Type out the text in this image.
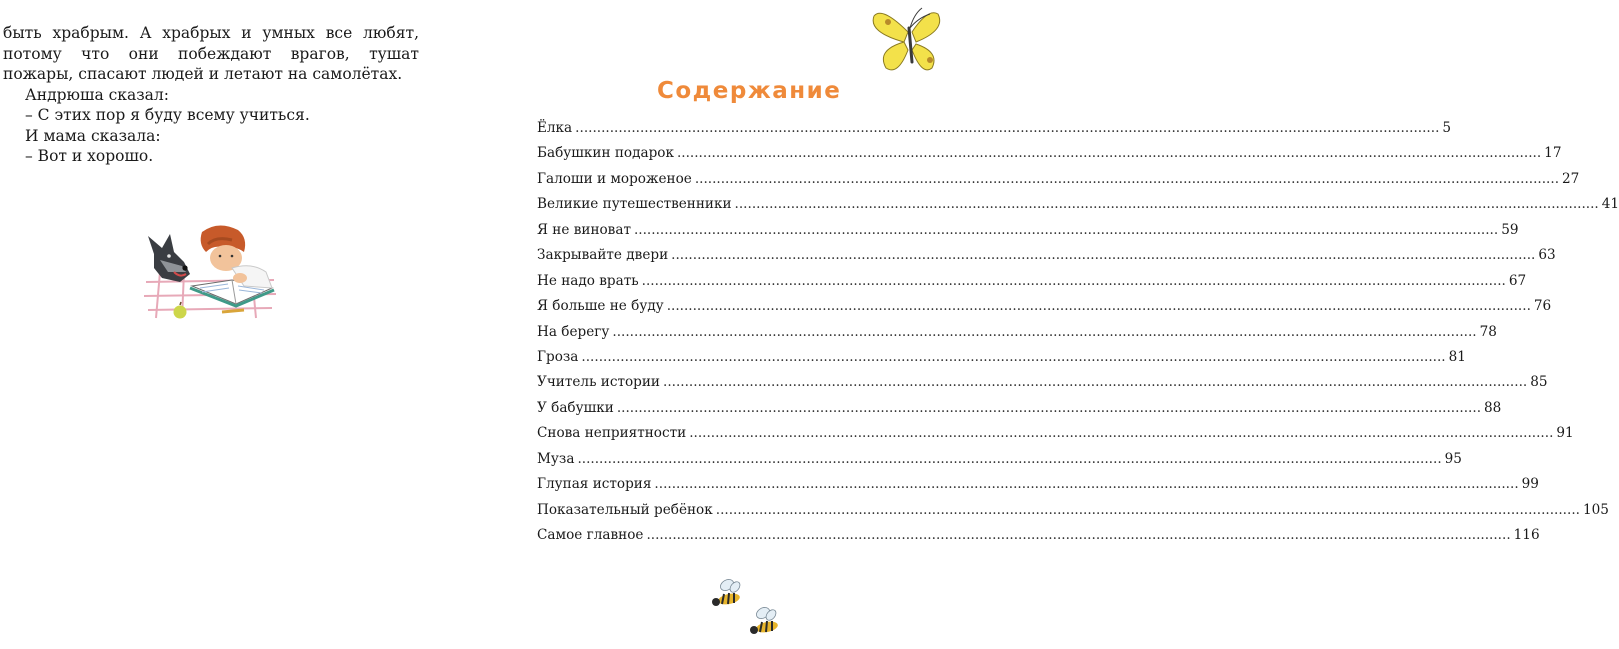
быть храбрым. А храбрых и умных все любят, потому что они побеждают врагов, тушат пожары, спасают людей и летают на самолётах.

Андрюша сказал:

– С этих пор я буду всему учиться.

И мама сказала:

– Вот и хорошо.

Содержание
Ёлка ........................................................................................................................................................................................................ 5
Бабушкин подарок ........................................................................................................................................................................................................ 17
Галоши и мороженое ........................................................................................................................................................................................................ 27
Великие путешественники ........................................................................................................................................................................................................ 41
Я не виноват ........................................................................................................................................................................................................ 59
Закрывайте двери ........................................................................................................................................................................................................ 63
Не надо врать ........................................................................................................................................................................................................ 67
Я больше не буду ........................................................................................................................................................................................................ 76
На берегу ........................................................................................................................................................................................................ 78
Гроза ........................................................................................................................................................................................................ 81
Учитель истории ........................................................................................................................................................................................................ 85
У бабушки ........................................................................................................................................................................................................ 88
Снова неприятности ........................................................................................................................................................................................................ 91
Муза ........................................................................................................................................................................................................ 95
Глупая история ........................................................................................................................................................................................................ 99
Показательный ребёнок ........................................................................................................................................................................................................ 105
Самое главное ........................................................................................................................................................................................................ 116
